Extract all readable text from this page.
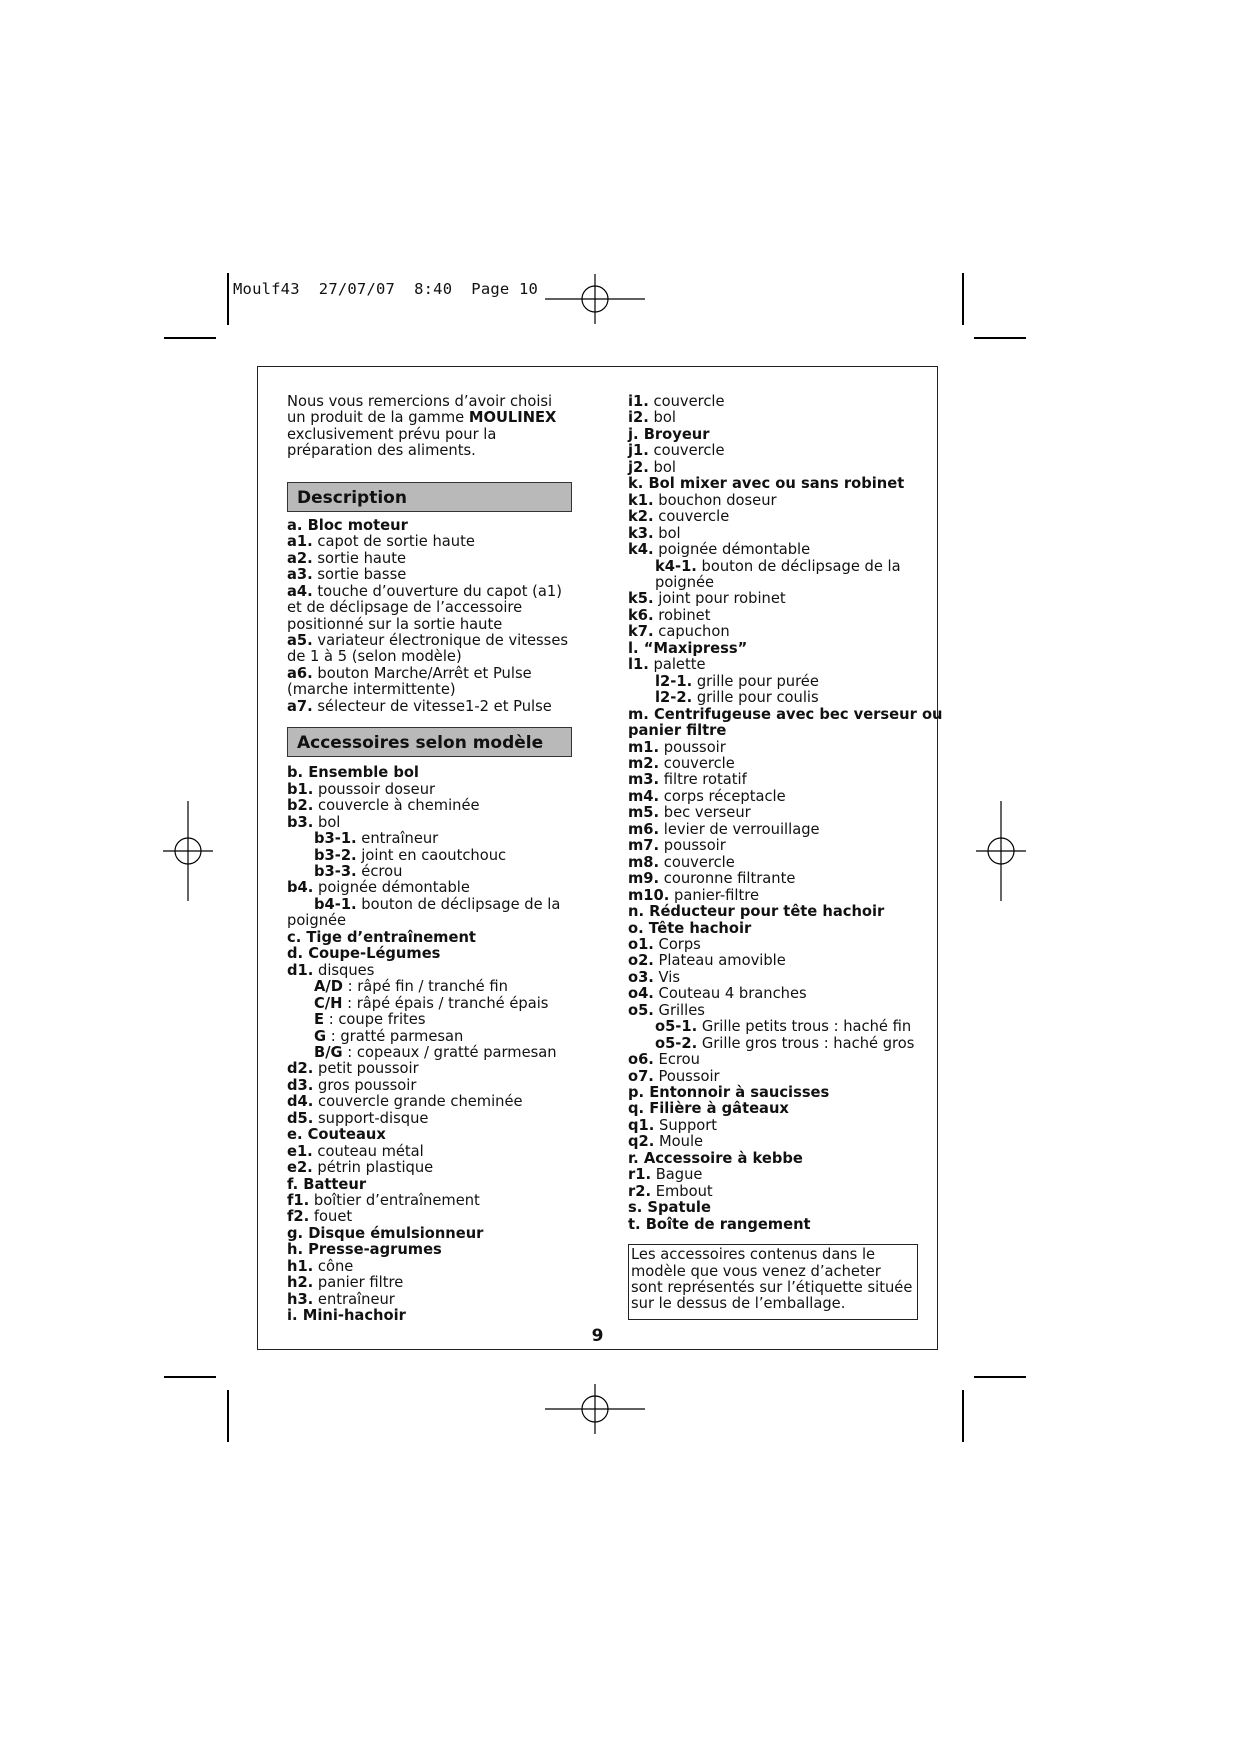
Moulf43  27/07/07  8:40  Page 10

Nous vous remercions d’avoir choisi
un produit de la gamme MOULINEX
exclusivement prévu pour la
préparation des aliments.

Description
a. Bloc moteur
a1. capot de sortie haute
a2. sortie haute
a3. sortie basse
a4. touche d’ouverture du capot (a1) et de déclipsage de l’accessoire positionné sur la sortie haute
a5. variateur électronique de vitesses de 1 à 5 (selon modèle)
a6. bouton Marche/Arrêt et Pulse (marche intermittente)
a7. sélecteur de vitesse1-2 et Pulse
Accessoires selon modèle
b. Ensemble bol
b1. poussoir doseur
b2. couvercle à cheminée
b3. bol
b3-1. entraîneur
b3-2. joint en caoutchouc
b3-3. écrou
b4. poignée démontable
b4-1. bouton de déclipsage de la
poignée
c. Tige d’entraînement
d. Coupe-Légumes
d1. disques
A/D : râpé fin / tranché fin
C/H : râpé épais / tranché épais
E : coupe frites
G : gratté parmesan
B/G : copeaux / gratté parmesan
d2. petit poussoir
d3. gros poussoir
d4. couvercle grande cheminée
d5. support-disque
e. Couteaux
e1. couteau métal
e2. pétrin plastique
f. Batteur
f1. boîtier d’entraînement
f2. fouet
g. Disque émulsionneur
h. Presse-agrumes
h1. cône
h2. panier filtre
h3. entraîneur
i. Mini-hachoir
i1. couvercle
i2. bol
j. Broyeur
j1. couvercle
j2. bol
k. Bol mixer avec ou sans robinet
k1. bouchon doseur
k2. couvercle
k3. bol
k4. poignée démontable
k4-1. bouton de déclipsage de la
poignée
k5. joint pour robinet
k6. robinet
k7. capuchon
l. “Maxipress”
l1. palette
l2-1. grille pour purée
l2-2. grille pour coulis
m. Centrifugeuse avec bec verseur ou
panier filtre
m1. poussoir
m2. couvercle
m3. filtre rotatif
m4. corps réceptacle
m5. bec verseur
m6. levier de verrouillage
m7. poussoir
m8. couvercle
m9. couronne filtrante
m10. panier-filtre
n. Réducteur pour tête hachoir
o. Tête hachoir
o1. Corps
o2. Plateau amovible
o3. Vis
o4. Couteau 4 branches
o5. Grilles
o5-1. Grille petits trous : haché fin
o5-2. Grille gros trous : haché gros
o6. Ecrou
o7. Poussoir
p. Entonnoir à saucisses
q. Filière à gâteaux
q1. Support
q2. Moule
r. Accessoire à kebbe
r1. Bague
r2. Embout
s. Spatule
t. Boîte de rangement
Les accessoires contenus dans le modèle que vous venez d’acheter sont représentés sur l’étiquette située sur le dessus de l’emballage.
9
